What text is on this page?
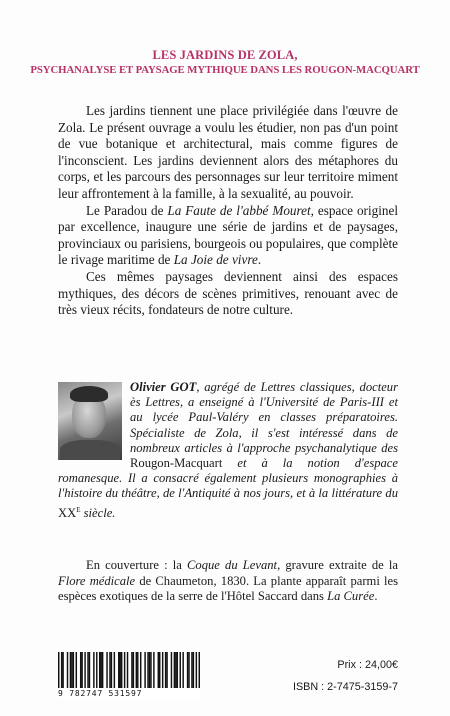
LES JARDINS DE ZOLA,
PSYCHANALYSE ET PAYSAGE MYTHIQUE DANS LES ROUGON-MACQUART

Les jardins tiennent une place privilégiée dans l'œuvre de Zola. Le présent ouvrage a voulu les étudier, non pas d'un point de vue botanique et architectural, mais comme figures de l'inconscient. Les jardins deviennent alors des métaphores du corps, et les parcours des personnages sur leur territoire miment leur affrontement à la famille, à la sexualité, au pouvoir.

Le Paradou de La Faute de l'abbé Mouret, espace originel par excellence, inaugure une série de jardins et de paysages, provinciaux ou parisiens, bourgeois ou populaires, que complète le rivage maritime de La Joie de vivre.

Ces mêmes paysages deviennent ainsi des espaces mythiques, des décors de scènes primitives, renouant avec de très vieux récits, fondateurs de notre culture.

Olivier GOT, agrégé de Lettres classiques, docteur ès Lettres, a enseigné à l'Université de Paris-III et au lycée Paul-Valéry en classes préparatoires. Spécialiste de Zola, il s'est intéressé dans de nombreux articles à l'approche psychanalytique des Rougon-Macquart et à la notion d'espace romanesque. Il a consacré également plusieurs monographies à l'histoire du théâtre, de l'Antiquité à nos jours, et à la littérature du XXe siècle.

En couverture : la Coque du Levant, gravure extraite de la Flore médicale de Chaumeton, 1830. La plante apparaît parmi les espèces exotiques de la serre de l'Hôtel Saccard dans La Curée.

9 782747 531597
Prix : 24,00€
ISBN : 2-7475-3159-7
